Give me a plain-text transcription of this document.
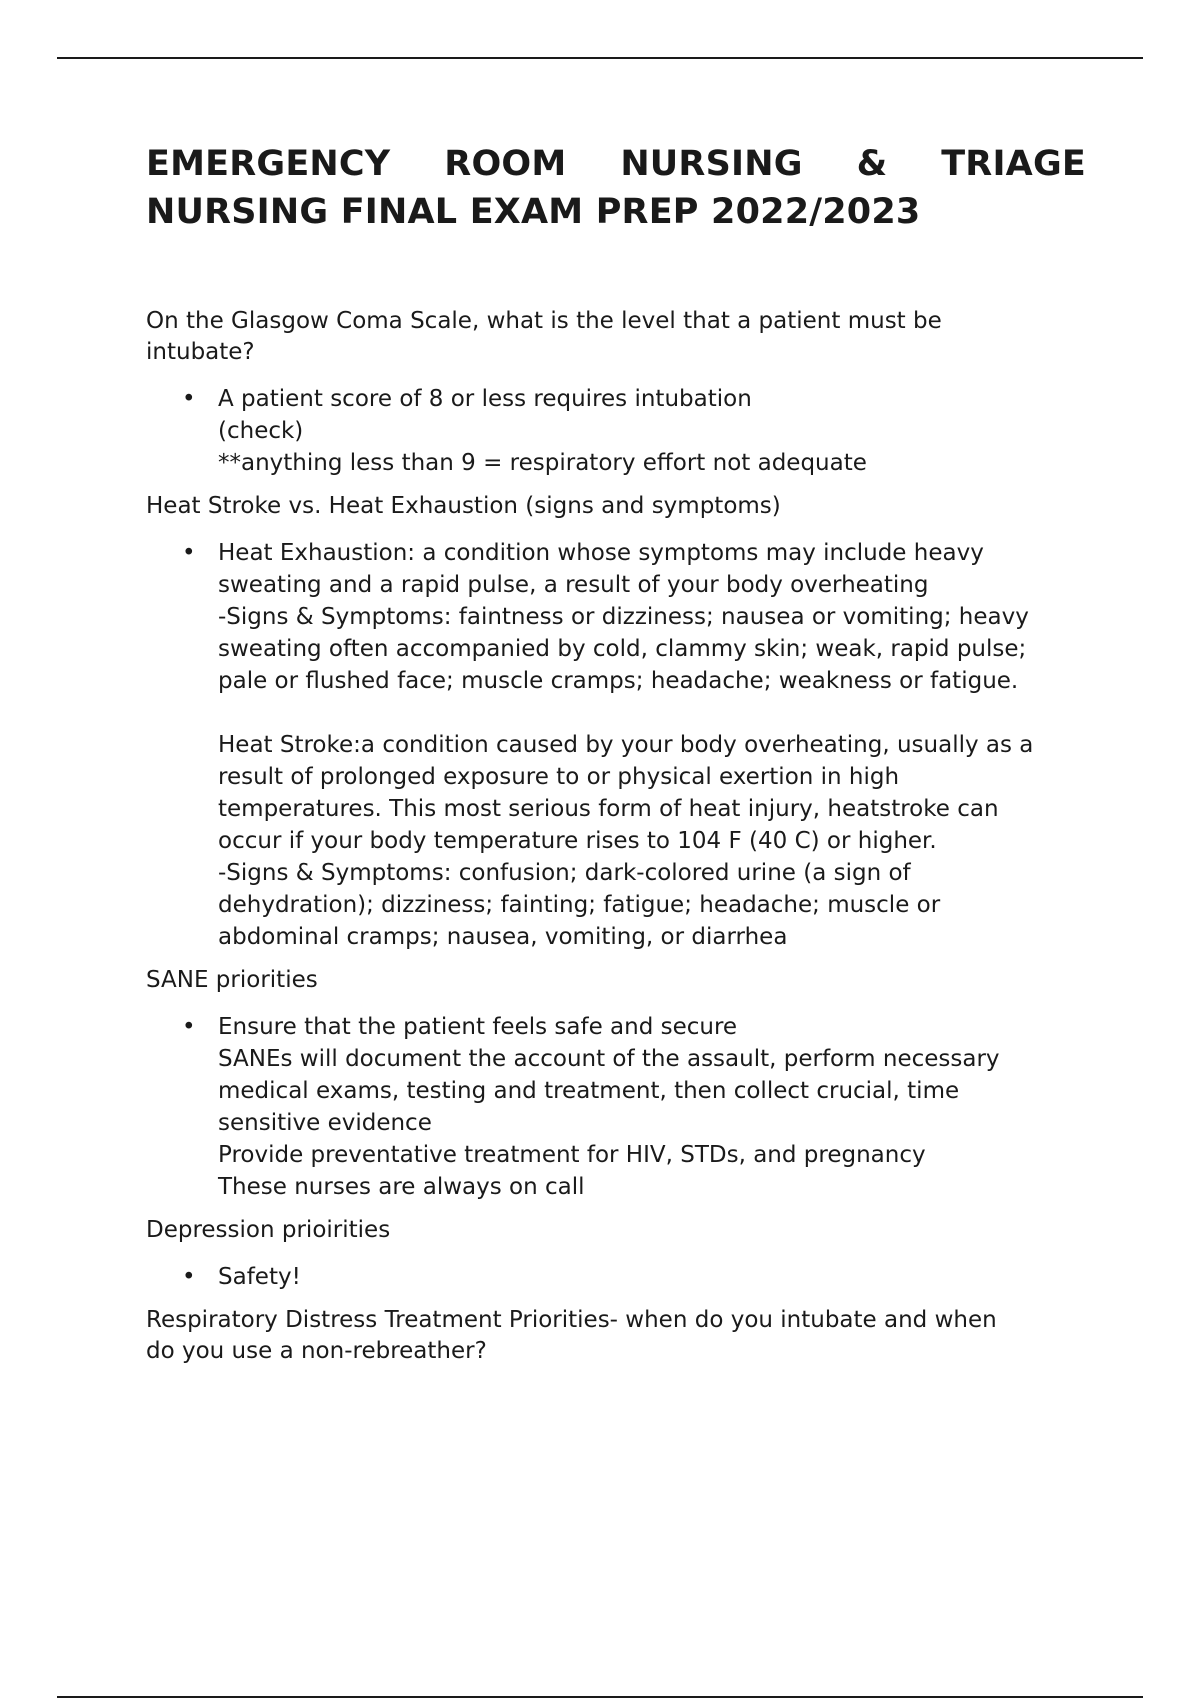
EMERGENCY ROOM NURSING & TRIAGE
NURSING FINAL EXAM PREP 2022/2023

On the Glasgow Coma Scale, what is the level that a patient must be
intubate?

• A patient score of 8 or less requires intubation
(check)
**anything less than 9 = respiratory effort not adequate

Heat Stroke vs. Heat Exhaustion (signs and symptoms)

• Heat Exhaustion: a condition whose symptoms may include heavy
sweating and a rapid pulse, a result of your body overheating
-Signs & Symptoms: faintness or dizziness; nausea or vomiting; heavy
sweating often accompanied by cold, clammy skin; weak, rapid pulse;
pale or flushed face; muscle cramps; headache; weakness or fatigue.
Heat Stroke:a condition caused by your body overheating, usually as a
result of prolonged exposure to or physical exertion in high
temperatures. This most serious form of heat injury, heatstroke can
occur if your body temperature rises to 104 F (40 C) or higher.
-Signs & Symptoms: confusion; dark-colored urine (a sign of
dehydration); dizziness; fainting; fatigue; headache; muscle or
abdominal cramps; nausea, vomiting, or diarrhea

SANE priorities

• Ensure that the patient feels safe and secure
SANEs will document the account of the assault, perform necessary
medical exams, testing and treatment, then collect crucial, time
sensitive evidence
Provide preventative treatment for HIV, STDs, and pregnancy
These nurses are always on call

Depression prioirities

• Safety!

Respiratory Distress Treatment Priorities- when do you intubate and when
do you use a non-rebreather?
